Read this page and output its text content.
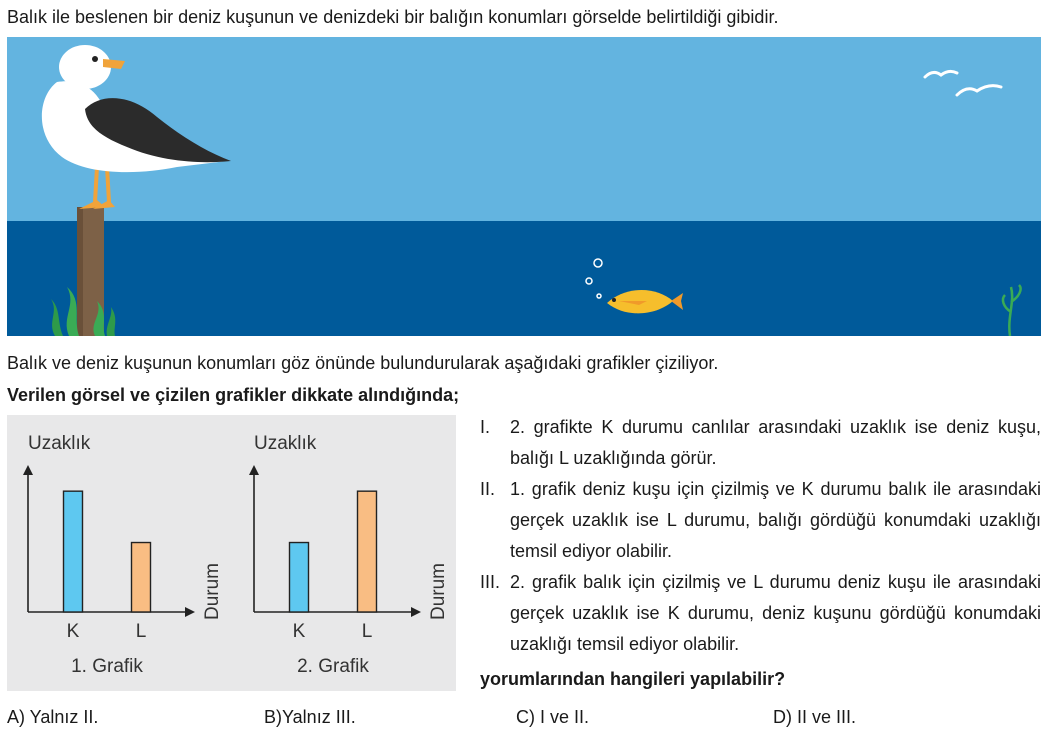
Balık ile beslenen bir deniz kuşunun ve denizdeki bir balığın konumları görselde belirtildiği gibidir.
Balık ve deniz kuşunun konumları göz önünde bulundurularak aşağıdaki grafikler çiziliyor.
Verilen görsel ve çizilen grafikler dikkate alındığında;
Uzaklık
K	L
Durum
1. Grafik
Uzaklık
K	L
Durum
2. Grafik
I. 2. grafikte K durumu canlılar arasındaki uzaklık ise deniz kuşu, balığı L uzaklığında görür.
II. 1. grafik deniz kuşu için çizilmiş ve K durumu balık ile arasındaki gerçek uzaklık ise L durumu, balığı gördüğü konumdaki uzaklığı temsil ediyor olabilir.
III. 2. grafik balık için çizilmiş ve L durumu deniz kuşu ile arasındaki gerçek uzaklık ise K durumu, deniz kuşunu gördüğü konumdaki uzaklığı temsil ediyor olabilir.
yorumlarından hangileri yapılabilir?
A) Yalnız II.	B)Yalnız III.	C) I ve II.	D) II ve III.
